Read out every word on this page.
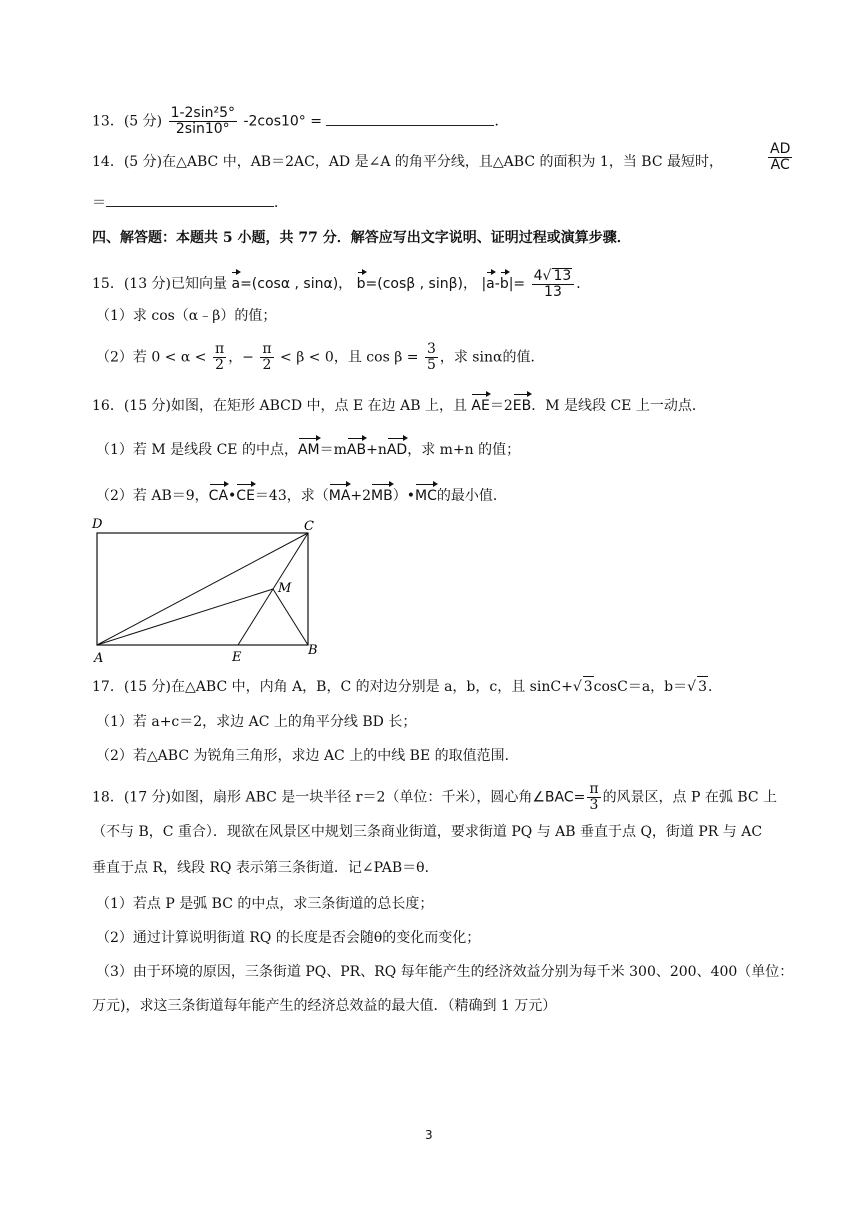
13．(5 分) $\frac{\text{1-2sin²5°}}{2\sin 10^\circ} -2\cos 10^\circ$ =	．
14．(5 分)在△ABC 中，AB＝2AC，AD 是∠A 的角平分线，且△ABC 的面积为 1，当 BC 最短时，	$\frac{AD}{AC}$
＝	．
四、解答题：本题共 5 小题，共 77 分．解答应写出文字说明、证明过程或演算步骤．
15．(13 分)已知向量 a=(cosα , sinα)， b=(cosβ , sinβ)， $|a-b|= \frac{4√ 13}{13}$ ．
（1）求 cos（α﹣β）的值；
（2）若 $0 < \alpha < \frac{\pi}{2}$ ，− $\frac{\pi}{2} < \beta < 0$，且 $\cos \beta = \frac{3}{5}$ ，求 sinα的值．
16．(15 分)如图，在矩形 ABCD 中，点 E 在边 AB 上，且 AE＝2EB．M 是线段 CE 上一动点．
（1）若 M 是线段 CE 的中点，AM＝mAB+nAD，求 m+n 的值；
（2）若 AB＝9，CA•CE＝43，求（MA+2MB）•MC的最小值．
D	C
M
A	E	B
17．(15 分)在△ABC 中，内角 A，B，C 的对边分别是 a，b，c，且 sinC+√ 3cosC＝a，b＝√ 3．
（1）若 a+c＝2，求边 AC 上的角平分线 BD 长；
（2）若△ABC 为锐角三角形，求边 AC 上的中线 BE 的取值范围．
18．(17 分)如图，扇形 ABC 是一块半径 r＝2（单位：千米），圆心角∠BAC= $\frac{\pi}{3}$ 的风景区，点 P 在弧 BC 上
（不与 B，C 重合）．现欲在风景区中规划三条商业街道，要求街道 PQ 与 AB 垂直于点 Q，街道 PR 与 AC
垂直于点 R，线段 RQ 表示第三条街道．记∠PAB＝θ．
（1）若点 P 是弧 BC 的中点，求三条街道的总长度；
（2）通过计算说明街道 RQ 的长度是否会随θ的变化而变化；
（3）由于环境的原因，三条街道 PQ、PR、RQ 每年能产生的经济效益分别为每千米 300、200、400（单位：
万元)，求这三条街道每年能产生的经济总效益的最大值．（精确到 1 万元）
3
